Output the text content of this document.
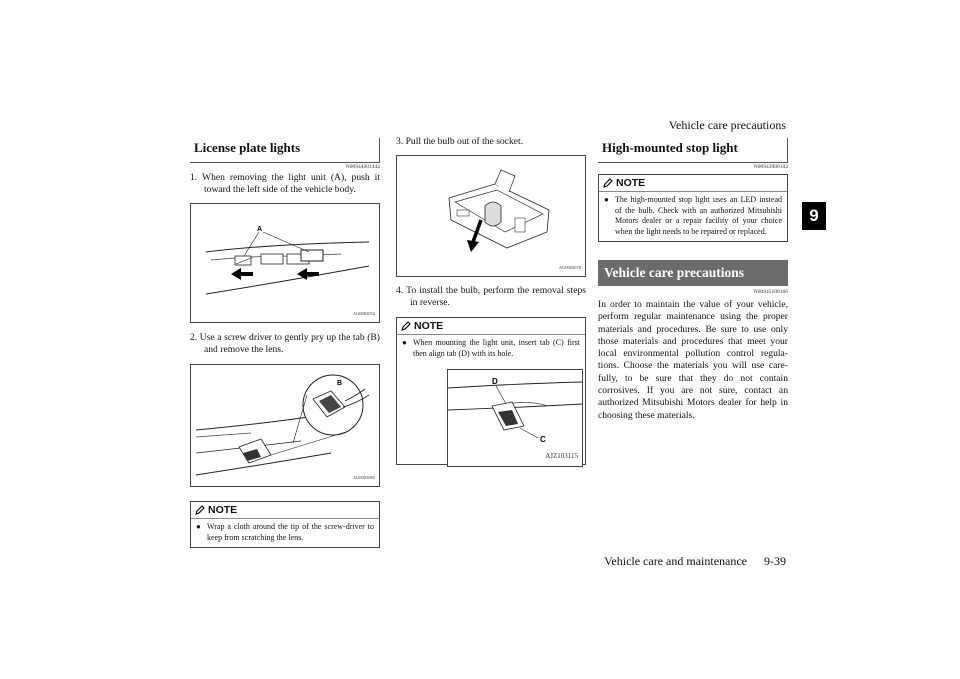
Vehicle care precautions
9
Vehicle care and maintenance 9-39
License plate lights
N00944001442
1. When removing the light unit (A), push it toward the left side of the vehicle body.
A
AG0003052
2. Use a screw driver to gently pry up the tab (B) and remove the lens.
B
AG0003065
NOTE
● Wrap a cloth around the tip of the screw-driver to keep from scratching the lens.
3. Pull the bulb out of the socket.
AG0003078
4. To install the bulb, perform the removal steps in reverse.
NOTE
● When mounting the light unit, insert tab (C) first then align tab (D) with its hole.
D
C
AJZ103115
High-mounted stop light
N00943900102
NOTE
● The high-mounted stop light uses an LED instead of the bulb. Check with an authorized Mitsubishi Motors dealer or a repair facility of your choice when the light needs to be repaired or replaced.
Vehicle care precautions
N00945100166
In order to maintain the value of your vehicle, perform regular maintenance using the proper materials and procedures. Be sure to use only those materials and procedures that meet your local environmental pollution control regula-tions. Choose the materials you will use care-fully, to be sure that they do not contain corrosives. If you are not sure, contact an authorized Mitsubishi Motors dealer for help in choosing these materials.
